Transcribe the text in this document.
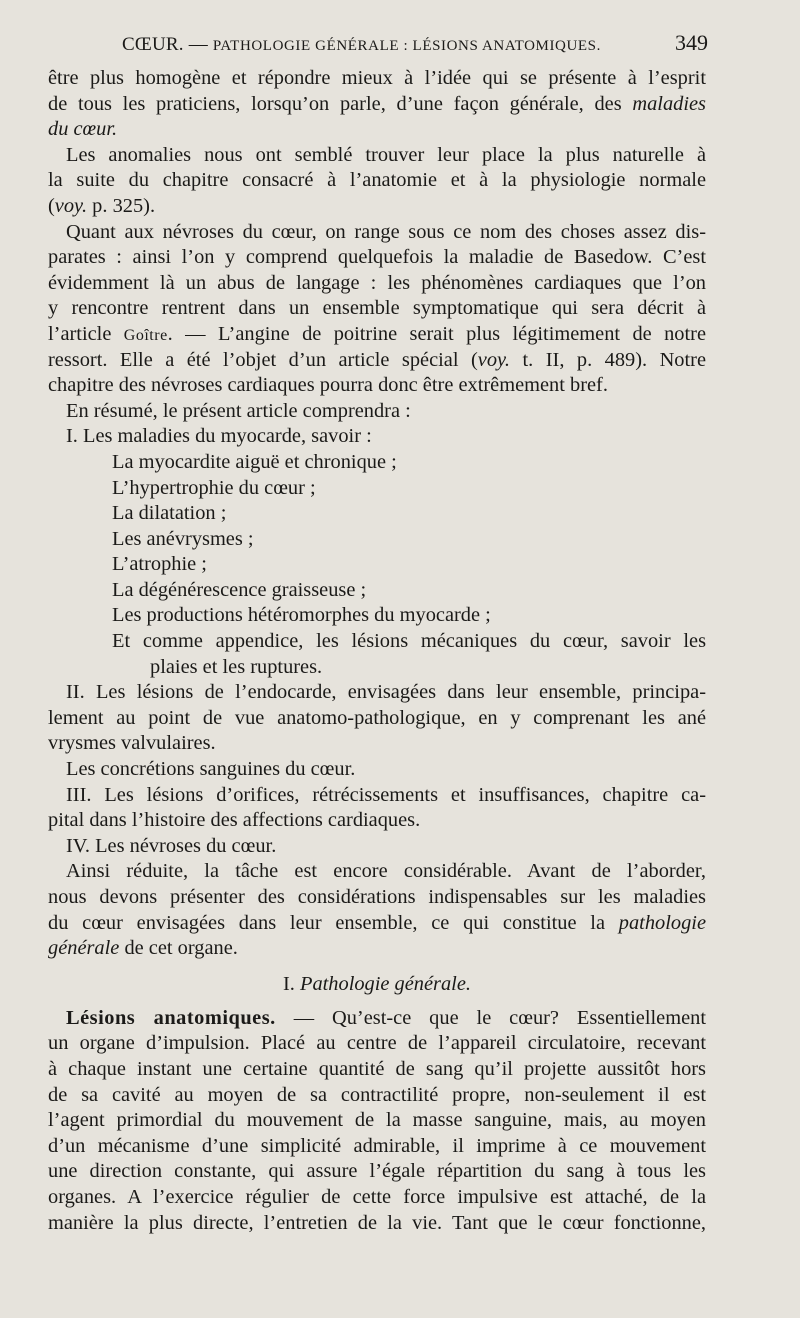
CŒUR. — PATHOLOGIE GÉNÉRALE : LÉSIONS ANATOMIQUES.	349
être plus homogène et répondre mieux à l’idée qui se présente à l’esprit
de tous les praticiens, lorsqu’on parle, d’une façon générale, des maladies
du cœur.
Les anomalies nous ont semblé trouver leur place la plus naturelle à
la suite du chapitre consacré à l’anatomie et à la physiologie normale
(voy. p. 325).
Quant aux névroses du cœur, on range sous ce nom des choses assez dis-
parates : ainsi l’on y comprend quelquefois la maladie de Basedow. C’est
évidemment là un abus de langage : les phénomènes cardiaques que l’on
y rencontre rentrent dans un ensemble symptomatique qui sera décrit à
l’article Goître. — L’angine de poitrine serait plus légitimement de notre
ressort. Elle a été l’objet d’un article spécial (voy. t. II, p. 489). Notre
chapitre des névroses cardiaques pourra donc être extrêmement bref.
En résumé, le présent article comprendra :
I. Les maladies du myocarde, savoir :
La myocardite aiguë et chronique ;
L’hypertrophie du cœur ;
La dilatation ;
Les anévrysmes ;
L’atrophie ;
La dégénérescence graisseuse ;
Les productions hétéromorphes du myocarde ;
Et comme appendice, les lésions mécaniques du cœur, savoir les
plaies et les ruptures.
II. Les lésions de l’endocarde, envisagées dans leur ensemble, principa-
lement au point de vue anatomo-pathologique, en y comprenant les ané
vrysmes valvulaires.
Les concrétions sanguines du cœur.
III. Les lésions d’orifices, rétrécissements et insuffisances, chapitre ca-
pital dans l’histoire des affections cardiaques.
IV. Les névroses du cœur.
Ainsi réduite, la tâche est encore considérable. Avant de l’aborder,
nous devons présenter des considérations indispensables sur les maladies
du cœur envisagées dans leur ensemble, ce qui constitue la pathologie
générale de cet organe.
I. Pathologie générale.
Lésions anatomiques. — Qu’est-ce que le cœur? Essentiellement
un organe d’impulsion. Placé au centre de l’appareil circulatoire, recevant
à chaque instant une certaine quantité de sang qu’il projette aussitôt hors
de sa cavité au moyen de sa contractilité propre, non-seulement il est
l’agent primordial du mouvement de la masse sanguine, mais, au moyen
d’un mécanisme d’une simplicité admirable, il imprime à ce mouvement
une direction constante, qui assure l’égale répartition du sang à tous les
organes. A l’exercice régulier de cette force impulsive est attaché, de la
manière la plus directe, l’entretien de la vie. Tant que le cœur fonctionne,
